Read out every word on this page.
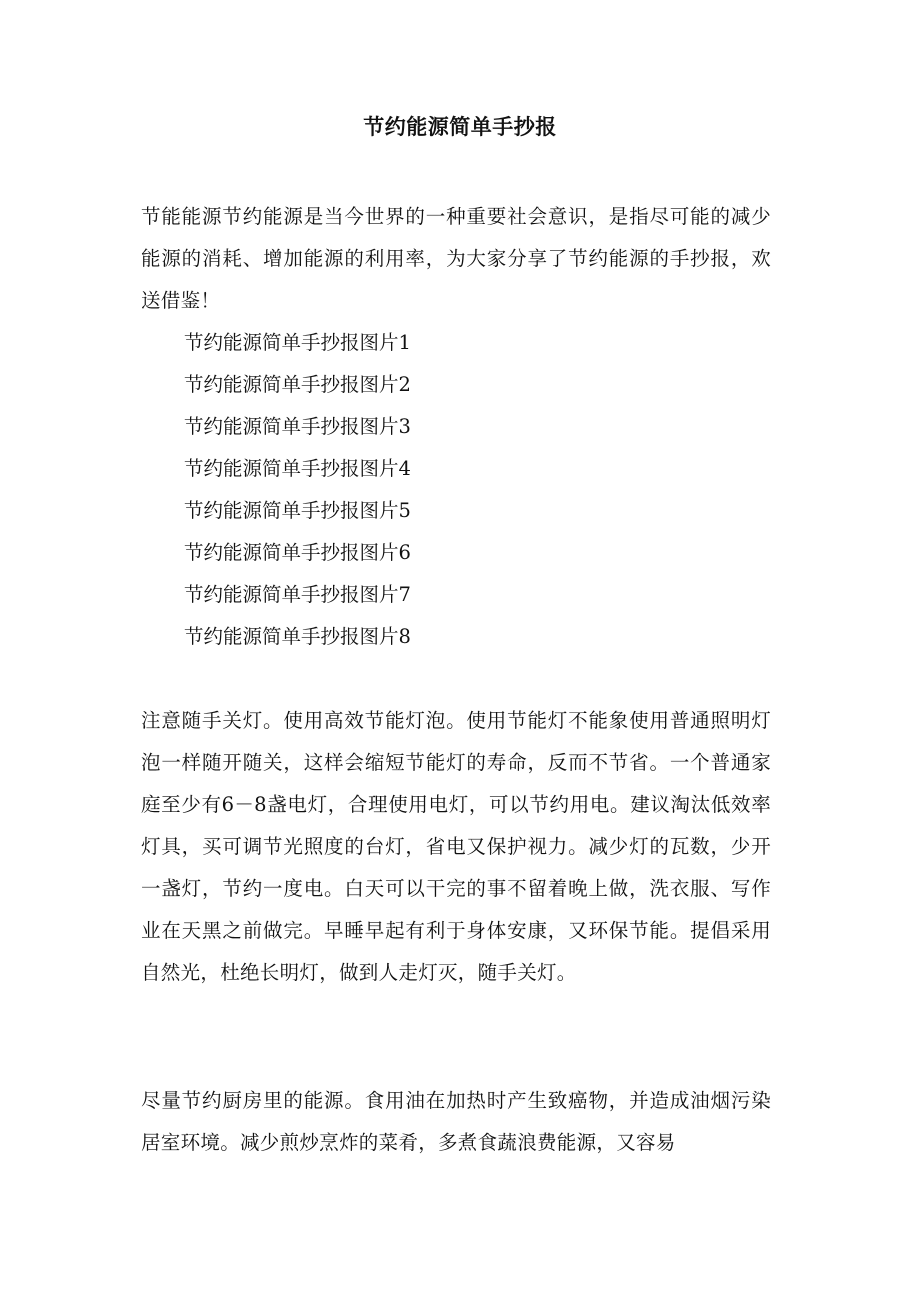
节约能源简单手抄报

节能能源节约能源是当今世界的一种重要社会意识，是指尽可能的减少能源的消耗、增加能源的利用率，为大家分享了节约能源的手抄报，欢送借鉴！

节约能源简单手抄报图片1
节约能源简单手抄报图片2
节约能源简单手抄报图片3
节约能源简单手抄报图片4
节约能源简单手抄报图片5
节约能源简单手抄报图片6
节约能源简单手抄报图片7
节约能源简单手抄报图片8

注意随手关灯。使用高效节能灯泡。使用节能灯不能象使用普通照明灯泡一样随开随关，这样会缩短节能灯的寿命，反而不节省。一个普通家庭至少有6－8盏电灯，合理使用电灯，可以节约用电。建议淘汰低效率灯具，买可调节光照度的台灯，省电又保护视力。减少灯的瓦数，少开一盏灯，节约一度电。白天可以干完的事不留着晚上做，洗衣服、写作业在天黑之前做完。早睡早起有利于身体安康，又环保节能。提倡采用自然光，杜绝长明灯，做到人走灯灭，随手关灯。

尽量节约厨房里的能源。食用油在加热时产生致癌物，并造成油烟污染居室环境。减少煎炒烹炸的菜肴，多煮食蔬浪费能源，又容易
